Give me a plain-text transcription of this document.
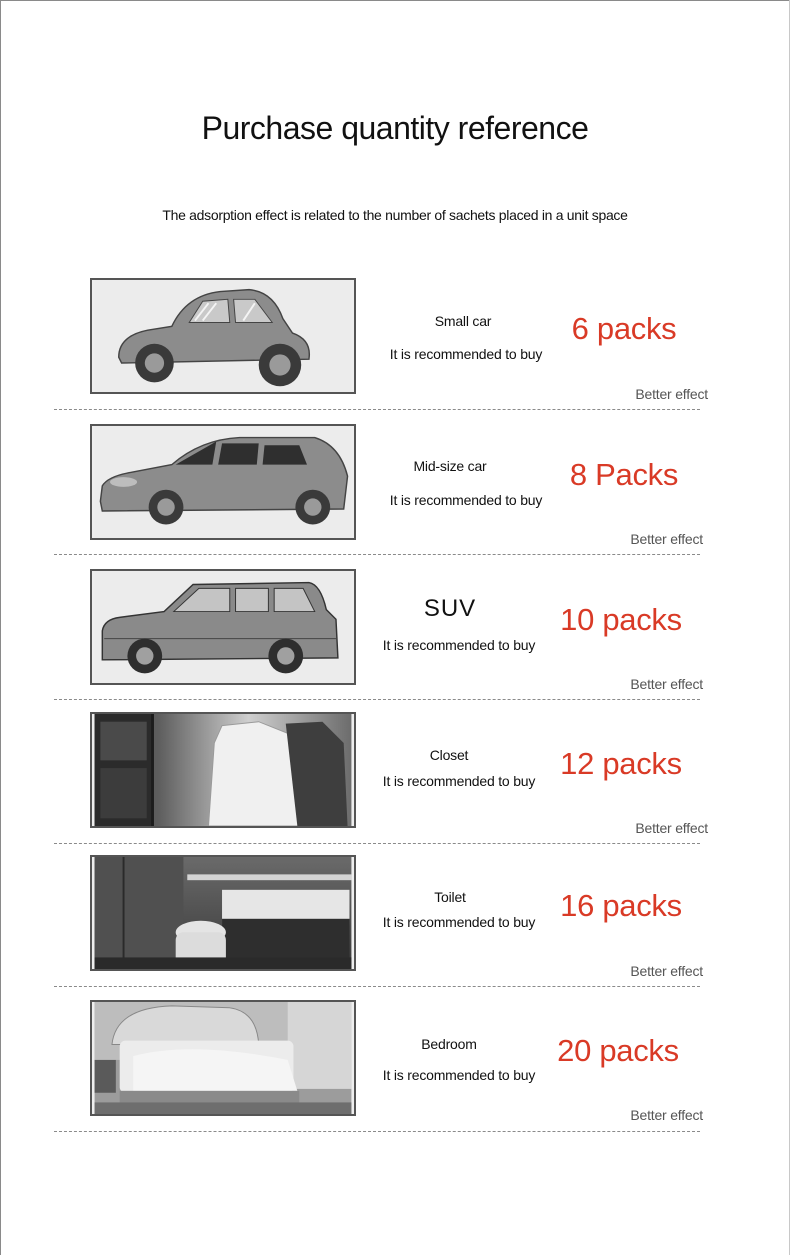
Purchase quantity reference
The adsorption effect is related to the number of sachets placed in a unit space
Small car
It is recommended to buy
6 packs
Better effect
Mid-size car
It is recommended to buy
8 Packs
Better effect
SUV
It is recommended to buy
10 packs
Better effect
Closet
It is recommended to buy 12 packs
Better effect
Toilet
It is recommended to buy 16 packs
Better effect
Bedroom
It is recommended to buy
20 packs
Better effect
